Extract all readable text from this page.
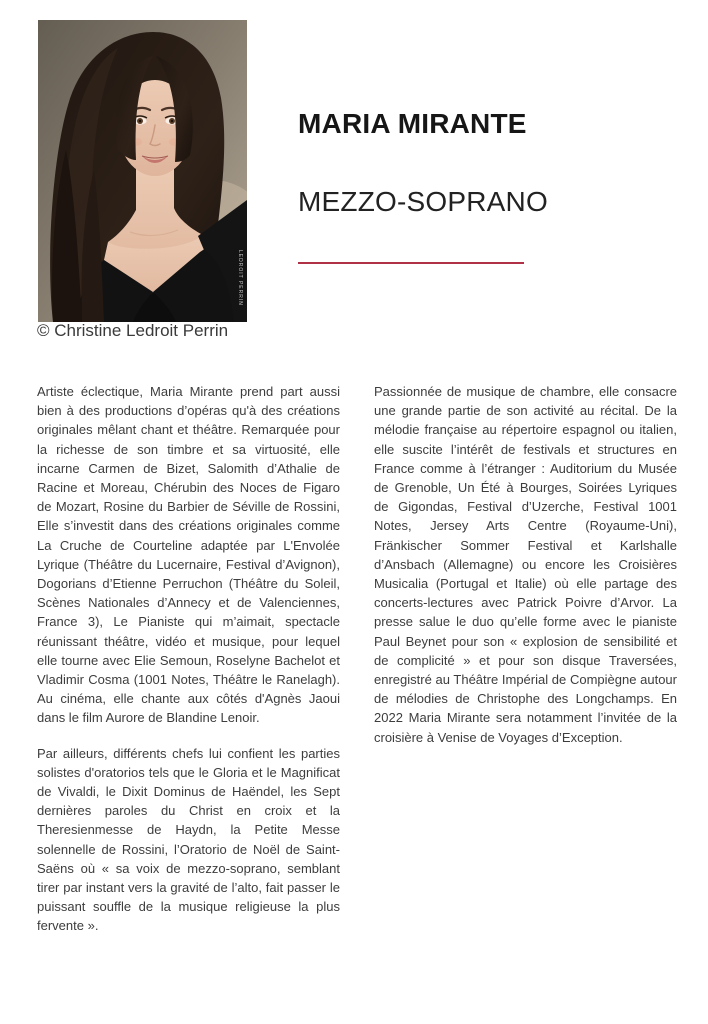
LEDROIT PERRIN
© Christine Ledroit Perrin
MARIA MIRANTE
MEZZO-SOPRANO

Artiste éclectique, Maria Mirante prend part aussi bien à des productions d’opéras qu'à des créations originales mêlant chant et théâtre. Remarquée pour la richesse de son timbre et sa virtuosité, elle incarne Carmen de Bizet, Salomith d’Athalie de Racine et Moreau, Chérubin des Noces de Figaro de Mozart, Rosine du Barbier de Séville de Rossini, Elle s’investit dans des créations originales comme La Cruche de Courteline adaptée par L'Envolée Lyrique (Théâtre du Lucernaire, Festival d’Avignon), Dogorians d’Etienne Perruchon (Théâtre du Soleil, Scènes Nationales d’Annecy et de Valenciennes, France 3), Le Pianiste qui m’aimait, spectacle réunissant théâtre, vidéo et musique, pour lequel elle tourne avec Elie Semoun, Roselyne Bachelot et Vladimir Cosma (1001 Notes, Théâtre le Ranelagh). Au cinéma, elle chante aux côtés d'Agnès Jaoui dans le film Aurore de Blandine Lenoir.

Par ailleurs, différents chefs lui confient les parties solistes d'oratorios tels que le Gloria et le Magnificat de Vivaldi, le Dixit Dominus de Haëndel, les Sept dernières paroles du Christ en croix et la Theresienmesse de Haydn, la Petite Messe solennelle de Rossini, l’Oratorio de Noël de Saint-Saëns où « sa voix de mezzo-soprano, semblant tirer par instant vers la gravité de l’alto, fait passer le puissant souffle de la musique religieuse la plus fervente ».

Passionnée de musique de chambre, elle consacre une grande partie de son activité au récital. De la mélodie française au répertoire espagnol ou italien, elle suscite l’intérêt de festivals et structures en France comme à l’étranger : Auditorium du Musée de Grenoble, Un Été à Bourges, Soirées Lyriques de Gigondas, Festival d’Uzerche, Festival 1001 Notes, Jersey Arts Centre (Royaume-Uni), Fränkischer Sommer Festival et Karlshalle d’Ansbach (Allemagne) ou encore les Croisières Musicalia (Portugal et Italie) où elle partage des concerts-lectures avec Patrick Poivre d’Arvor. La presse salue le duo qu’elle forme avec le pianiste Paul Beynet pour son « explosion de sensibilité et de complicité » et pour son disque Traversées, enregistré au Théâtre Impérial de Compiègne autour de mélodies de Christophe des Longchamps. En 2022 Maria Mirante sera notamment l’invitée de la croisière à Venise de Voyages d’Exception.
